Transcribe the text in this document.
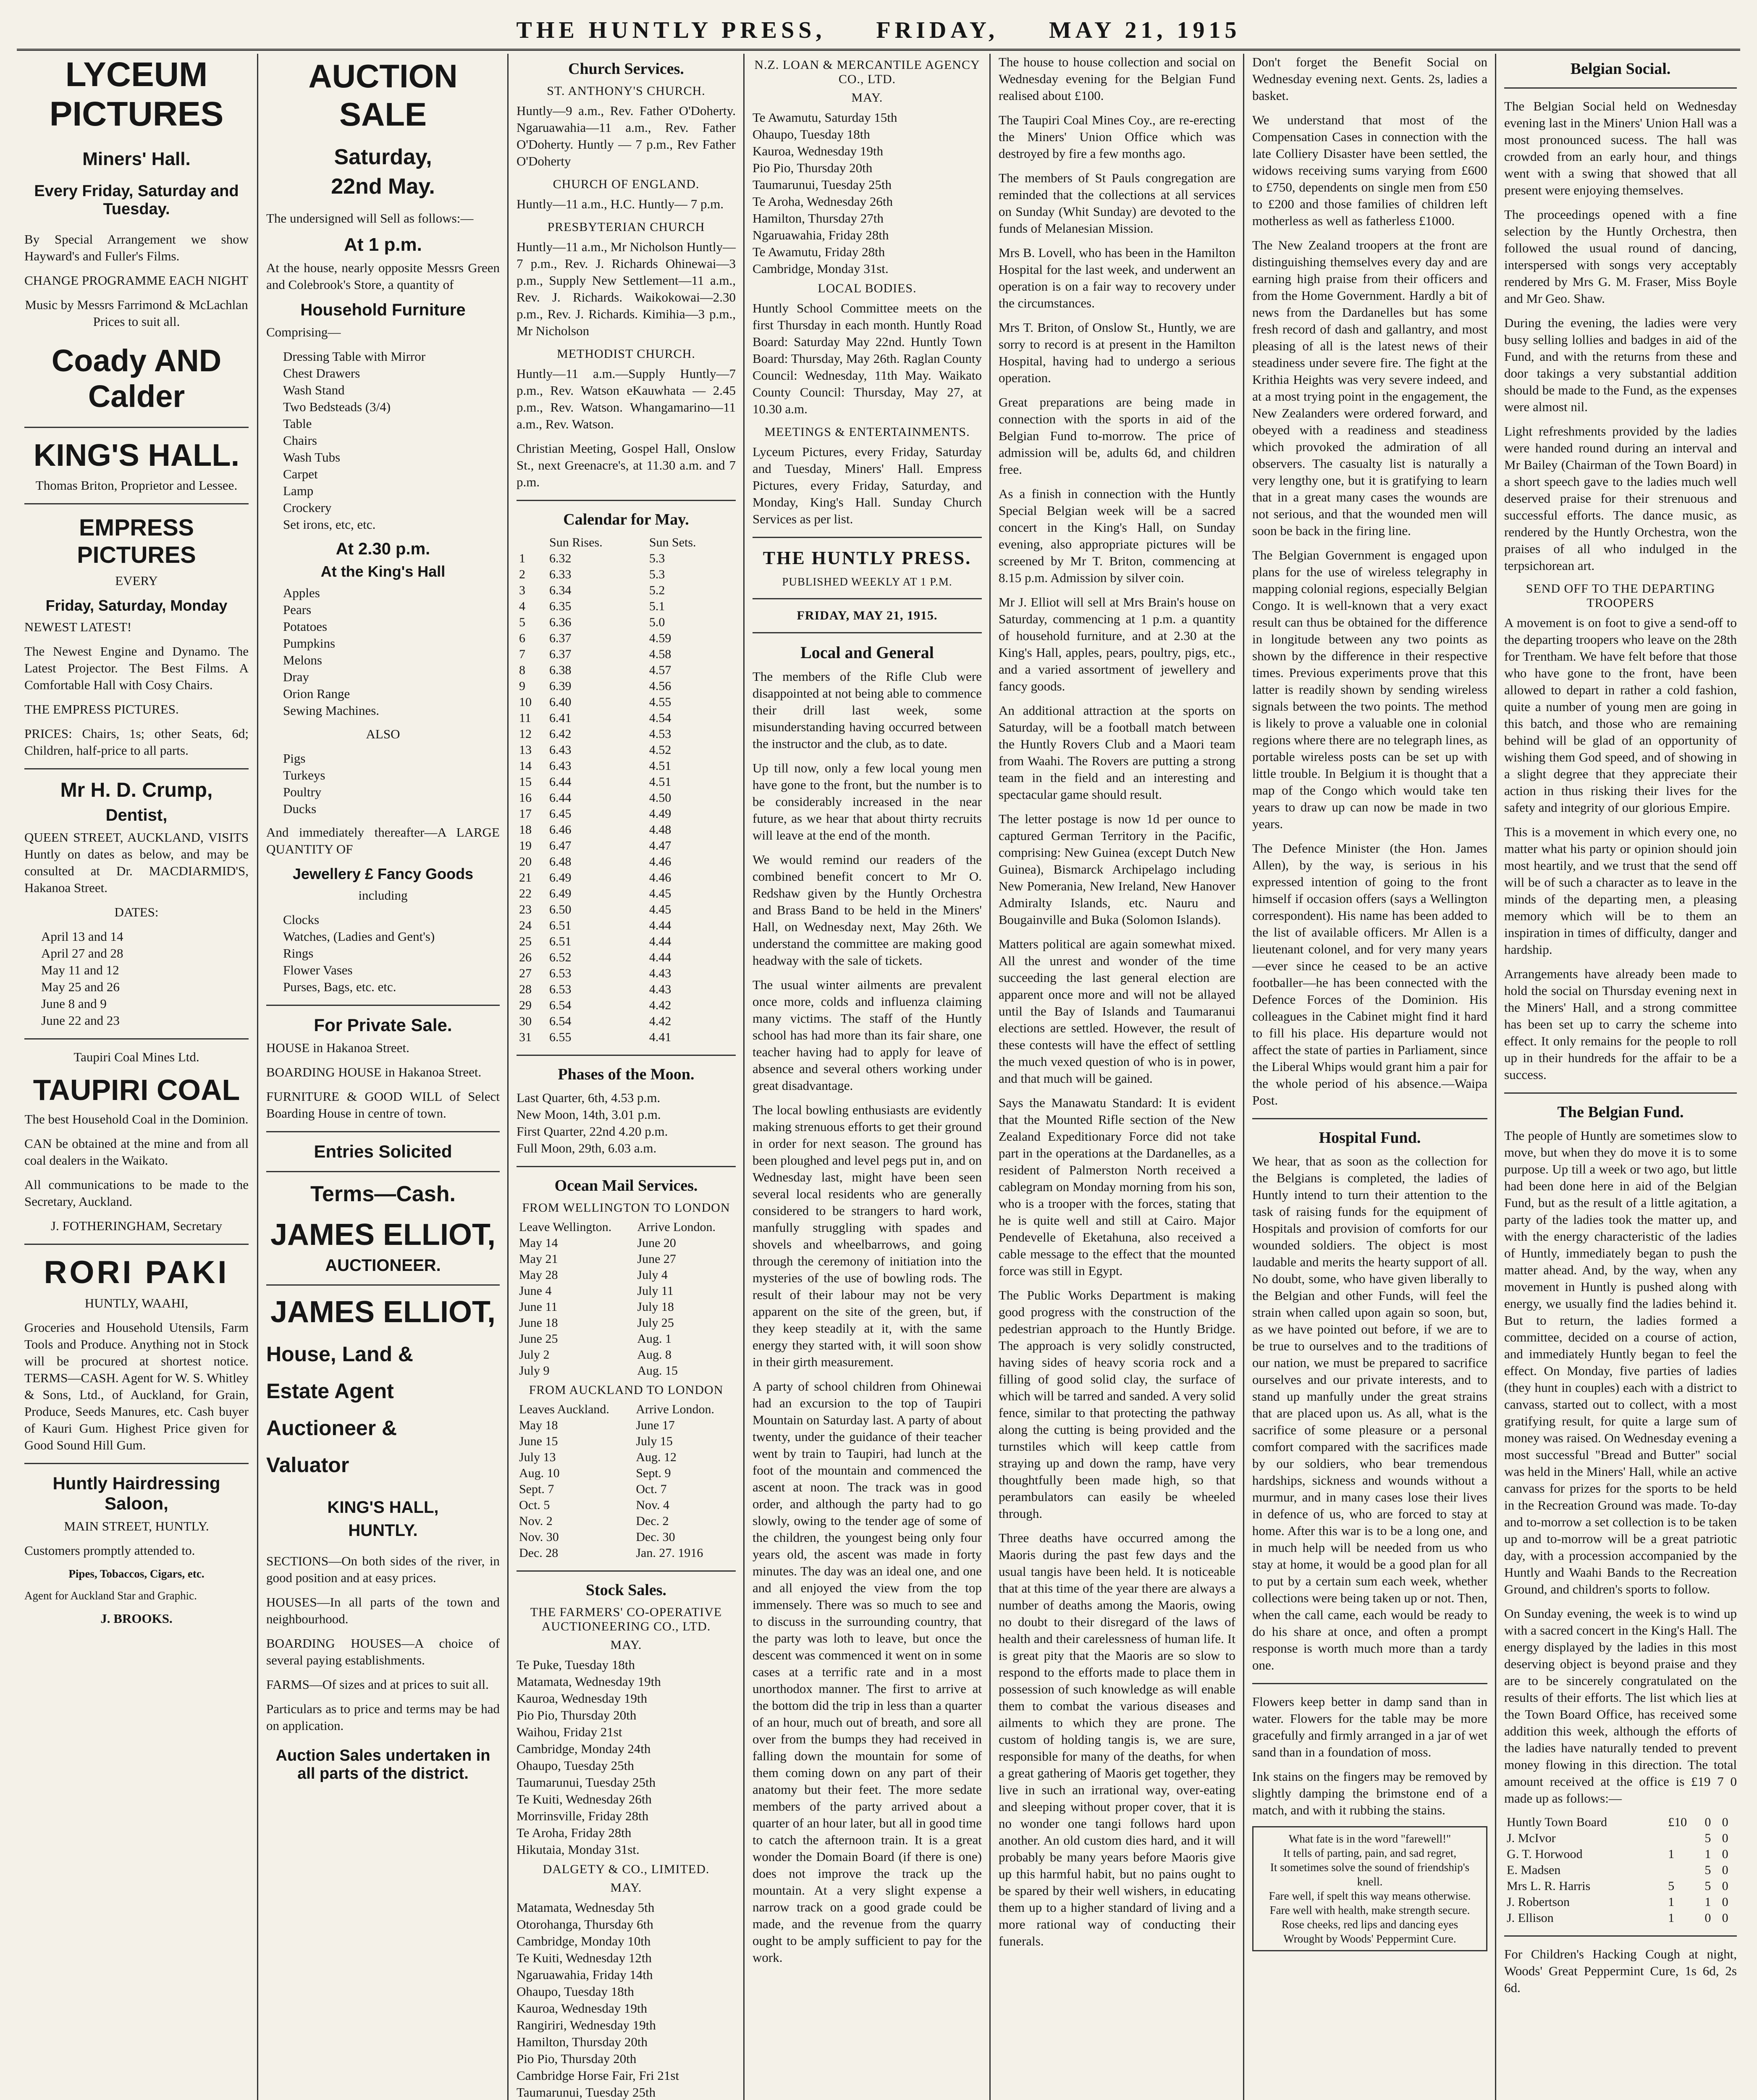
THE HUNTLY PRESS, FRIDAY, MAY 21, 1915
LYCEUM
PICTURES
Miners' Hall.
Every Friday, Saturday and Tuesday.

By Special Arrangement we show Hayward's and Fuller's Films.

CHANGE PROGRAMME EACH NIGHT

Music by Messrs Farrimond & McLachlan Prices to suit all.

Coady AND Calder
KING'S HALL.

Thomas Briton, Proprietor and Lessee.

EMPRESS PICTURES

EVERY

Friday, Saturday, Monday

NEWEST LATEST!

The Newest Engine and Dynamo. The Latest Projector. The Best Films. A Comfortable Hall with Cosy Chairs.

THE EMPRESS PICTURES.

PRICES: Chairs, 1s; other Seats, 6d; Children, half-price to all parts.

Mr H. D. Crump,
Dentist,

QUEEN STREET, AUCKLAND, VISITS Huntly on dates as below, and may be consulted at Dr. MACDIARMID'S, Hakanoa Street.

DATES:

April 13 and 14
April 27 and 28
May 11 and 12
May 25 and 26
June 8 and 9
June 22 and 23

Taupiri Coal Mines Ltd.

TAUPIRI COAL

The best Household Coal in the Dominion.

CAN be obtained at the mine and from all coal dealers in the Waikato.

All communications to be made to the Secretary, Auckland.

J. FOTHERINGHAM, Secretary

RORI PAKI

HUNTLY, WAAHI,

Groceries and Household Utensils, Farm Tools and Produce. Anything not in Stock will be procured at shortest notice. TERMS—CASH. Agent for W. S. Whitley & Sons, Ltd., of Auckland, for Grain, Produce, Seeds Manures, etc. Cash buyer of Kauri Gum. Highest Price given for Good Sound Hill Gum.

Huntly Hairdressing Saloon,

MAIN STREET, HUNTLY.

Customers promptly attended to.

Pipes, Tobaccos, Cigars, etc.

Agent for Auckland Star and Graphic.

J. BROOKS.

AUCTION SALE
Saturday,
22nd May.

The undersigned will Sell as follows:—

At 1 p.m.

At the house, nearly opposite Messrs Green and Colebrook's Store, a quantity of

Household Furniture

Comprising—

Dressing Table with Mirror
Chest Drawers
Wash Stand
Two Bedsteads (3/4)
Table
Chairs
Wash Tubs
Carpet
Lamp
Crockery
Set irons, etc, etc.
At 2.30 p.m.
At the King's Hall
Apples
Pears
Potatoes
Pumpkins
Melons
Dray
Orion Range
Sewing Machines.

ALSO

Pigs
Turkeys
Poultry
Ducks

And immediately thereafter—A LARGE QUANTITY OF

Jewellery £ Fancy Goods

including

Clocks
Watches, (Ladies and Gent's)
Rings
Flower Vases
Purses, Bags, etc. etc.
For Private Sale.

HOUSE in Hakanoa Street.

BOARDING HOUSE in Hakanoa Street.

FURNITURE & GOOD WILL of Select Boarding House in centre of town.

Entries Solicited
Terms—Cash.
JAMES ELLIOT,
AUCTIONEER.
JAMES ELLIOT,
House, Land &
Estate Agent
Auctioneer &
Valuator
KING'S HALL,
HUNTLY.

SECTIONS—On both sides of the river, in good position and at easy prices.

HOUSES—In all parts of the town and neighbourhood.

BOARDING HOUSES—A choice of several paying establishments.

FARMS—Of sizes and at prices to suit all.

Particulars as to price and terms may be had on application.

Auction Sales undertaken in all parts of the district.
Church Services.
ST. ANTHONY'S CHURCH.

Huntly—9 a.m., Rev. Father O'Doherty. Ngaruawahia—11 a.m., Rev. Father O'Doherty. Huntly — 7 p.m., Rev Father O'Doherty

CHURCH OF ENGLAND.

Huntly—11 a.m., H.C. Huntly— 7 p.m.

PRESBYTERIAN CHURCH

Huntly—11 a.m., Mr Nicholson Huntly—7 p.m., Rev. J. Richards Ohinewai—3 p.m., Supply New Settlement—11 a.m., Rev. J. Richards. Waikokowai—2.30 p.m., Rev. J. Richards. Kimihia—3 p.m., Mr Nicholson

METHODIST CHURCH.

Huntly—11 a.m.—Supply Huntly—7 p.m., Rev. Watson eKauwhata — 2.45 p.m., Rev. Watson. Whangamarino—11 a.m., Rev. Watson.

Christian Meeting, Gospel Hall, Onslow St., next Greenacre's, at 11.30 a.m. and 7 p.m.

Calendar for May.
	Sun Rises.	Sun Sets.
1	6.32	5.3
2	6.33	5.3
3	6.34	5.2
4	6.35	5.1
5	6.36	5.0
6	6.37	4.59
7	6.37	4.58
8	6.38	4.57
9	6.39	4.56
10	6.40	4.55
11	6.41	4.54
12	6.42	4.53
13	6.43	4.52
14	6.43	4.51
15	6.44	4.51
16	6.44	4.50
17	6.45	4.49
18	6.46	4.48
19	6.47	4.47
20	6.48	4.46
21	6.49	4.46
22	6.49	4.45
23	6.50	4.45
24	6.51	4.44
25	6.51	4.44
26	6.52	4.44
27	6.53	4.43
28	6.53	4.43
29	6.54	4.42
30	6.54	4.42
31	6.55	4.41
Phases of the Moon.

Last Quarter, 6th, 4.53 p.m.

New Moon, 14th, 3.01 p.m.

First Quarter, 22nd 4.20 p.m.

Full Moon, 29th, 6.03 a.m.

Ocean Mail Services.
FROM WELLINGTON TO LONDON
Leave Wellington.	Arrive London.
May 14	June 20
May 21	June 27
May 28	July 4
June 4	July 11
June 11	July 18
June 18	July 25
June 25	Aug. 1
July 2	Aug. 8
July 9	Aug. 15
FROM AUCKLAND TO LONDON
Leaves Auckland.	Arrive London.
May 18	June 17
June 15	July 15
July 13	Aug. 12
Aug. 10	Sept. 9
Sept. 7	Oct. 7
Oct. 5	Nov. 4
Nov. 2	Dec. 2
Nov. 30	Dec. 30
Dec. 28	Jan. 27. 1916
Stock Sales.
THE FARMERS' CO-OPERATIVE AUCTIONEERING CO., LTD.
MAY.
Te Puke, Tuesday 18th
Matamata, Wednesday 19th
Kauroa, Wednesday 19th
Pio Pio, Thursday 20th
Waihou, Friday 21st
Cambridge, Monday 24th
Ohaupo, Tuesday 25th
Taumarunui, Tuesday 25th
Te Kuiti, Wednesday 26th
Morrinsville, Friday 28th
Te Aroha, Friday 28th
Hikutaia, Monday 31st.
DALGETY & CO., LIMITED.
MAY.
Matamata, Wednesday 5th
Otorohanga, Thursday 6th
Cambridge, Monday 10th
Te Kuiti, Wednesday 12th
Ngaruawahia, Friday 14th
Ohaupo, Tuesday 18th
Kauroa, Wednesday 19th
Rangiriri, Wednesday 19th
Hamilton, Thursday 20th
Pio Pio, Thursday 20th
Cambridge Horse Fair, Fri 21st
Taumarunui, Tuesday 25th
N.Z. LOAN & MERCANTILE AGENCY CO., LTD.
MAY.
Te Awamutu, Saturday 15th
Ohaupo, Tuesday 18th
Kauroa, Wednesday 19th
Pio Pio, Thursday 20th
Taumarunui, Tuesday 25th
Te Aroha, Wednesday 26th
Hamilton, Thursday 27th
Ngaruawahia, Friday 28th
Te Awamutu, Friday 28th
Cambridge, Monday 31st.
LOCAL BODIES.

Huntly School Committee meets on the first Thursday in each month. Huntly Road Board: Saturday May 22nd. Huntly Town Board: Thursday, May 26th. Raglan County Council: Wednesday, 11th May. Waikato County Council: Thursday, May 27, at 10.30 a.m.

MEETINGS & ENTERTAINMENTS.

Lyceum Pictures, every Friday, Saturday and Tuesday, Miners' Hall. Empress Pictures, every Friday, Saturday, and Monday, King's Hall. Sunday Church Services as per list.

THE HUNTLY PRESS.
PUBLISHED WEEKLY AT 1 P.M.
FRIDAY, MAY 21, 1915.
Local and General

The members of the Rifle Club were disappointed at not being able to commence their drill last week, some misunderstanding having occurred between the instructor and the club, as to date.

Up till now, only a few local young men have gone to the front, but the number is to be considerably increased in the near future, as we hear that about thirty recruits will leave at the end of the month.

We would remind our readers of the combined benefit concert to Mr O. Redshaw given by the Huntly Orchestra and Brass Band to be held in the Miners' Hall, on Wednesday next, May 26th. We understand the committee are making good headway with the sale of tickets.

The usual winter ailments are prevalent once more, colds and influenza claiming many victims. The staff of the Huntly school has had more than its fair share, one teacher having had to apply for leave of absence and several others working under great disadvantage.

The local bowling enthusiasts are evidently making strenuous efforts to get their ground in order for next season. The ground has been ploughed and level pegs put in, and on Wednesday last, might have been seen several local residents who are generally considered to be strangers to hard work, manfully struggling with spades and shovels and wheelbarrows, and going through the ceremony of initiation into the mysteries of the use of bowling rods. The result of their labour may not be very apparent on the site of the green, but, if they keep steadily at it, with the same energy they started with, it will soon show in their girth measurement.

A party of school children from Ohinewai had an excursion to the top of Taupiri Mountain on Saturday last. A party of about twenty, under the guidance of their teacher went by train to Taupiri, had lunch at the foot of the mountain and commenced the ascent at noon. The track was in good order, and although the party had to go slowly, owing to the tender age of some of the children, the youngest being only four years old, the ascent was made in forty minutes. The day was an ideal one, and one and all enjoyed the view from the top immensely. There was so much to see and to discuss in the surrounding country, that the party was loth to leave, but once the descent was commenced it went on in some cases at a terrific rate and in a most unorthodox manner. The first to arrive at the bottom did the trip in less than a quarter of an hour, much out of breath, and sore all over from the bumps they had received in falling down the mountain for some of them coming down on any part of their anatomy but their feet. The more sedate members of the party arrived about a quarter of an hour later, but all in good time to catch the afternoon train. It is a great wonder the Domain Board (if there is one) does not improve the track up the mountain. At a very slight expense a narrow track on a good grade could be made, and the revenue from the quarry ought to be amply sufficient to pay for the work.

The house to house collection and social on Wednesday evening for the Belgian Fund realised about £100.

The Taupiri Coal Mines Coy., are re-erecting the Miners' Union Office which was destroyed by fire a few months ago.

The members of St Pauls congregation are reminded that the collections at all services on Sunday (Whit Sunday) are devoted to the funds of Melanesian Mission.

Mrs B. Lovell, who has been in the Hamilton Hospital for the last week, and underwent an operation is on a fair way to recovery under the circumstances.

Mrs T. Briton, of Onslow St., Huntly, we are sorry to record is at present in the Hamilton Hospital, having had to undergo a serious operation.

Great preparations are being made in connection with the sports in aid of the Belgian Fund to-morrow. The price of admission will be, adults 6d, and children free.

As a finish in connection with the Huntly Special Belgian week will be a sacred concert in the King's Hall, on Sunday evening, also appropriate pictures will be screened by Mr T. Briton, commencing at 8.15 p.m. Admission by silver coin.

Mr J. Elliot will sell at Mrs Brain's house on Saturday, commencing at 1 p.m. a quantity of household furniture, and at 2.30 at the King's Hall, apples, pears, poultry, pigs, etc., and a varied assortment of jewellery and fancy goods.

An additional attraction at the sports on Saturday, will be a football match between the Huntly Rovers Club and a Maori team from Waahi. The Rovers are putting a strong team in the field and an interesting and spectacular game should result.

The letter postage is now 1d per ounce to captured German Territory in the Pacific, comprising: New Guinea (except Dutch New Guinea), Bismarck Archipelago including New Pomerania, New Ireland, New Hanover Admiralty Islands, etc. Nauru and Bougainville and Buka (Solomon Islands).

Matters political are again somewhat mixed. All the unrest and wonder of the time succeeding the last general election are apparent once more and will not be allayed until the Bay of Islands and Taumaranui elections are settled. However, the result of these contests will have the effect of settling the much vexed question of who is in power, and that much will be gained.

Says the Manawatu Standard: It is evident that the Mounted Rifle section of the New Zealand Expeditionary Force did not take part in the operations at the Dardanelles, as a resident of Palmerston North received a cablegram on Monday morning from his son, who is a trooper with the forces, stating that he is quite well and still at Cairo. Major Pendevelle of Eketahuna, also received a cable message to the effect that the mounted force was still in Egypt.

The Public Works Department is making good progress with the construction of the pedestrian approach to the Huntly Bridge. The approach is very solidly constructed, having sides of heavy scoria rock and a filling of good solid clay, the surface of which will be tarred and sanded. A very solid fence, similar to that protecting the pathway along the cutting is being provided and the turnstiles which will keep cattle from straying up and down the ramp, have very thoughtfully been made high, so that perambulators can easily be wheeled through.

Three deaths have occurred among the Maoris during the past few days and the usual tangis have been held. It is noticeable that at this time of the year there are always a number of deaths among the Maoris, owing no doubt to their disregard of the laws of health and their carelessness of human life. It is great pity that the Maoris are so slow to respond to the efforts made to place them in possession of such knowledge as will enable them to combat the various diseases and ailments to which they are prone. The custom of holding tangis is, we are sure, responsible for many of the deaths, for when a great gathering of Maoris get together, they live in such an irrational way, over-eating and sleeping without proper cover, that it is no wonder one tangi follows hard upon another. An old custom dies hard, and it will probably be many years before Maoris give up this harmful habit, but no pains ought to be spared by their well wishers, in educating them up to a higher standard of living and a more rational way of conducting their funerals.

Don't forget the Benefit Social on Wednesday evening next. Gents. 2s, ladies a basket.

We understand that most of the Compensation Cases in connection with the late Colliery Disaster have been settled, the widows receiving sums varying from £600 to £750, dependents on single men from £50 to £200 and those families of children left motherless as well as fatherless £1000.

The New Zealand troopers at the front are distinguishing themselves every day and are earning high praise from their officers and from the Home Government. Hardly a bit of news from the Dardanelles but has some fresh record of dash and gallantry, and most pleasing of all is the latest news of their steadiness under severe fire. The fight at the Krithia Heights was very severe indeed, and at a most trying point in the engagement, the New Zealanders were ordered forward, and obeyed with a readiness and steadiness which provoked the admiration of all observers. The casualty list is naturally a very lengthy one, but it is gratifying to learn that in a great many cases the wounds are not serious, and that the wounded men will soon be back in the firing line.

The Belgian Government is engaged upon plans for the use of wireless telegraphy in mapping colonial regions, especially Belgian Congo. It is well-known that a very exact result can thus be obtained for the difference in longitude between any two points as shown by the difference in their respective times. Previous experiments prove that this latter is readily shown by sending wireless signals between the two points. The method is likely to prove a valuable one in colonial regions where there are no telegraph lines, as portable wireless posts can be set up with little trouble. In Belgium it is thought that a map of the Congo which would take ten years to draw up can now be made in two years.

The Defence Minister (the Hon. James Allen), by the way, is serious in his expressed intention of going to the front himself if occasion offers (says a Wellington correspondent). His name has been added to the list of available officers. Mr Allen is a lieutenant colonel, and for very many years—ever since he ceased to be an active footballer—he has been connected with the Defence Forces of the Dominion. His colleagues in the Cabinet might find it hard to fill his place. His departure would not affect the state of parties in Parliament, since the Liberal Whips would grant him a pair for the whole period of his absence.—Waipa Post.

Hospital Fund.

We hear, that as soon as the collection for the Belgians is completed, the ladies of Huntly intend to turn their attention to the task of raising funds for the equipment of Hospitals and provision of comforts for our wounded soldiers. The object is most laudable and merits the hearty support of all. No doubt, some, who have given liberally to the Belgian and other Funds, will feel the strain when called upon again so soon, but, as we have pointed out before, if we are to be true to ourselves and to the traditions of our nation, we must be prepared to sacrifice ourselves and our private interests, and to stand up manfully under the great strains that are placed upon us. As all, what is the sacrifice of some pleasure or a personal comfort compared with the sacrifices made by our soldiers, who bear tremendous hardships, sickness and wounds without a murmur, and in many cases lose their lives in defence of us, who are forced to stay at home. After this war is to be a long one, and in much help will be needed from us who stay at home, it would be a good plan for all to put by a certain sum each week, whether collections were being taken up or not. Then, when the call came, each would be ready to do his share at once, and often a prompt response is worth much more than a tardy one.

Flowers keep better in damp sand than in water. Flowers for the table may be more gracefully and firmly arranged in a jar of wet sand than in a foundation of moss.

Ink stains on the fingers may be removed by slightly damping the brimstone end of a match, and with it rubbing the stains.

What fate is in the word "farewell!"
It tells of parting, pain, and sad regret,
It sometimes solve the sound of friendship's knell.
Fare well, if spelt this way means otherwise.
Fare well with health, make strength secure.
Rose cheeks, red lips and dancing eyes
Wrought by Woods' Peppermint Cure.
Belgian Social.

The Belgian Social held on Wednesday evening last in the Miners' Union Hall was a most pronounced sucess. The hall was crowded from an early hour, and things went with a swing that showed that all present were enjoying themselves.

The proceedings opened with a fine selection by the Huntly Orchestra, then followed the usual round of dancing, interspersed with songs very acceptably rendered by Mrs G. M. Fraser, Miss Boyle and Mr Geo. Shaw.

During the evening, the ladies were very busy selling lollies and badges in aid of the Fund, and with the returns from these and door takings a very substantial addition should be made to the Fund, as the expenses were almost nil.

Light refreshments provided by the ladies were handed round during an interval and Mr Bailey (Chairman of the Town Board) in a short speech gave to the ladies much well deserved praise for their strenuous and successful efforts. The dance music, as rendered by the Huntly Orchestra, won the praises of all who indulged in the terpsichorean art.

SEND OFF TO THE DEPARTING TROOPERS

A movement is on foot to give a send-off to the departing troopers who leave on the 28th for Trentham. We have felt before that those who have gone to the front, have been allowed to depart in rather a cold fashion, quite a number of young men are going in this batch, and those who are remaining behind will be glad of an opportunity of wishing them God speed, and of showing in a slight degree that they appreciate their action in thus risking their lives for the safety and integrity of our glorious Empire.

This is a movement in which every one, no matter what his party or opinion should join most heartily, and we trust that the send off will be of such a character as to leave in the minds of the departing men, a pleasing memory which will be to them an inspiration in times of difficulty, danger and hardship.

Arrangements have already been made to hold the social on Thursday evening next in the Miners' Hall, and a strong committee has been set up to carry the scheme into effect. It only remains for the people to roll up in their hundreds for the affair to be a success.

The Belgian Fund.

The people of Huntly are sometimes slow to move, but when they do move it is to some purpose. Up till a week or two ago, but little had been done here in aid of the Belgian Fund, but as the result of a little agitation, a party of the ladies took the matter up, and with the energy characteristic of the ladies of Huntly, immediately began to push the matter ahead. And, by the way, when any movement in Huntly is pushed along with energy, we usually find the ladies behind it. But to return, the ladies formed a committee, decided on a course of action, and immediately Huntly began to feel the effect. On Monday, five parties of ladies (they hunt in couples) each with a district to canvass, started out to collect, with a most gratifying result, for quite a large sum of money was raised. On Wednesday evening a most successful "Bread and Butter" social was held in the Miners' Hall, while an active canvass for prizes for the sports to be held in the Recreation Ground was made. To-day and to-morrow a set collection is to be taken up and to-morrow will be a great patriotic day, with a procession accompanied by the Huntly and Waahi Bands to the Recreation Ground, and children's sports to follow.

On Sunday evening, the week is to wind up with a sacred concert in the King's Hall. The energy displayed by the ladies in this most deserving object is beyond praise and they are to be sincerely congratulated on the results of their efforts. The list which lies at the Town Board Office, has received some addition this week, although the efforts of the ladies have naturally tended to prevent money flowing in this direction. The total amount received at the office is £19 7 0 made up as follows:—

Huntly Town Board	£10	0	0
J. McIvor		5	0
G. T. Horwood	1	1	0
E. Madsen		5	0
Mrs L. R. Harris	5	5	0
J. Robertson	1	1	0
J. Ellison	1	0	0

For Children's Hacking Cough at night, Woods' Great Peppermint Cure, 1s 6d, 2s 6d.
